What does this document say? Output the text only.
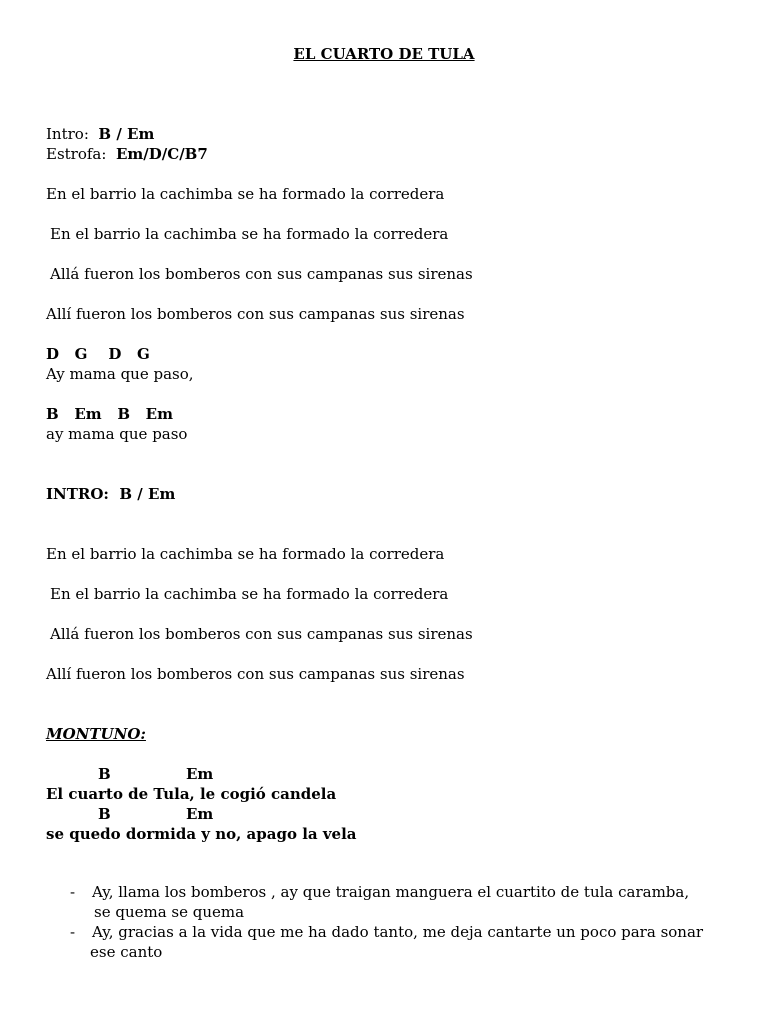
EL CUARTO DE TULA
Intro: B / Em
Estrofa: Em/D/C/B7
En el barrio la cachimba se ha formado la corredera
En el barrio la cachimba se ha formado la corredera
Allá fueron los bomberos con sus campanas sus sirenas
Allí fueron los bomberos con sus campanas sus sirenas
D   G    D   G
Ay mama que paso,
B   Em   B   Em
ay mama que paso
INTRO:  B / Em
En el barrio la cachimba se ha formado la corredera
En el barrio la cachimba se ha formado la corredera
Allá fueron los bomberos con sus campanas sus sirenas
Allí fueron los bomberos con sus campanas sus sirenas
MONTUNO:
B	Em
El cuarto de Tula, le cogió candela
B	Em
se quedo dormida y no, apago la vela
- Ay, llama los bomberos , ay que traigan manguera el cuartito de tula caramba,
se quema se quema
- Ay, gracias a la vida que me ha dado tanto, me deja cantarte un poco para sonar
ese canto
